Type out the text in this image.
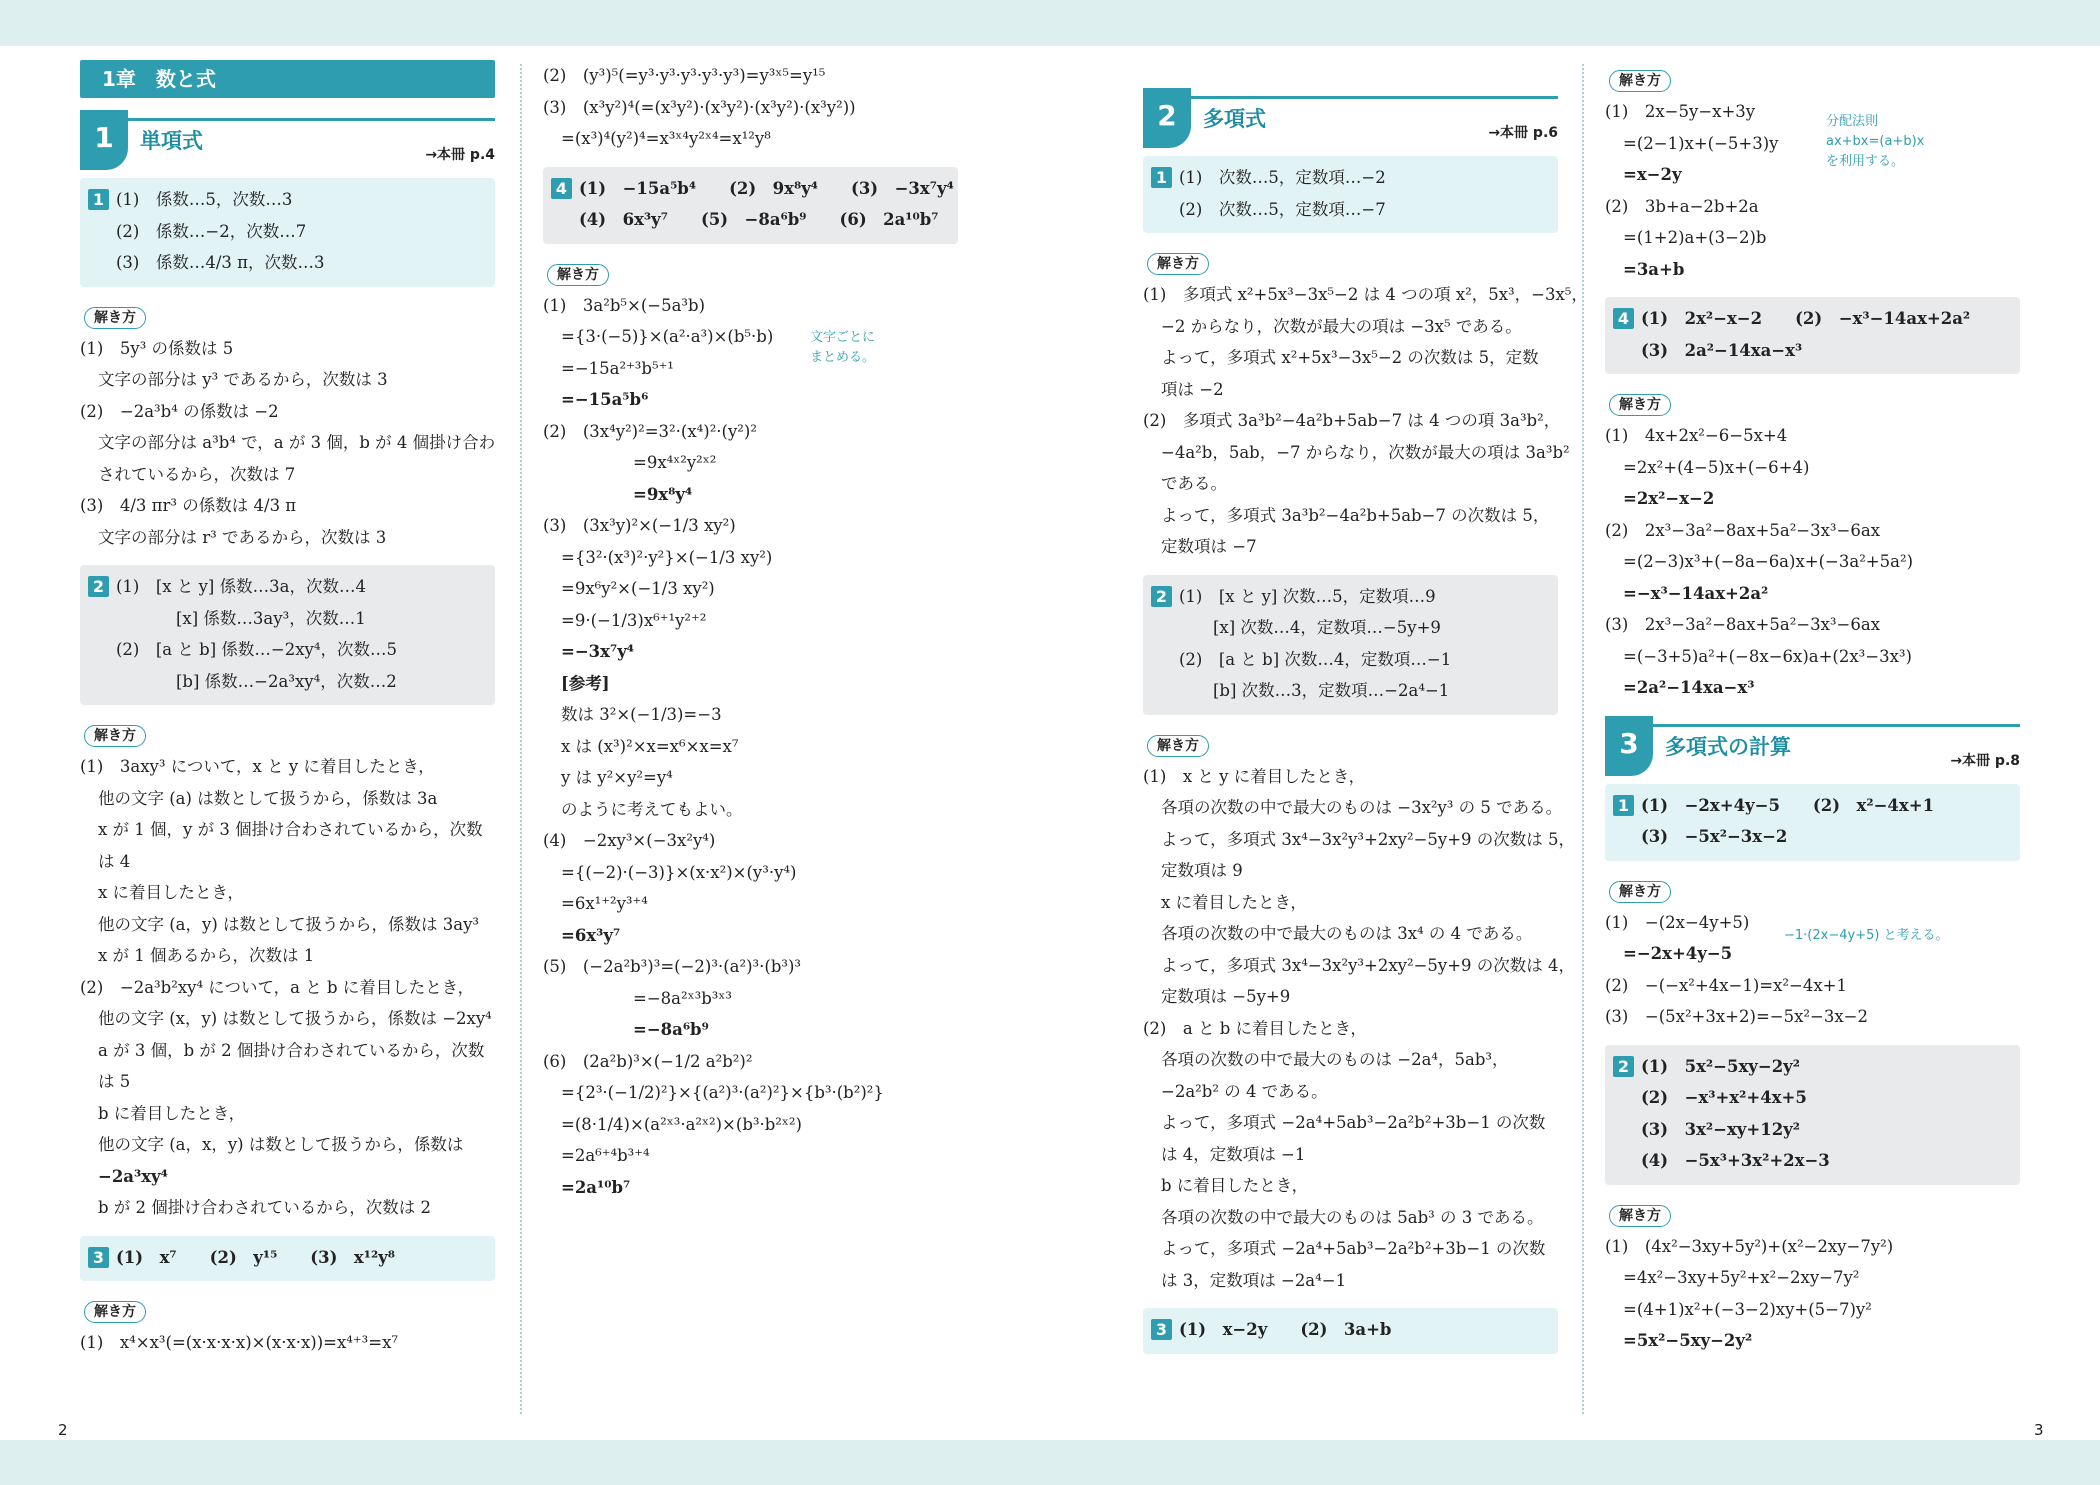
2	3
1章　数と式
1	単項式
→本冊 p.4
1 (1)　係数…5，次数…3
(2)　係数…−2，次数…7
(3)　係数…4/3 π，次数…3
解き方
(1)　5y³ の係数は 5
文字の部分は y³ であるから，次数は 3
(2)　−2a³b⁴ の係数は −2
文字の部分は a³b⁴ で，a が 3 個，b が 4 個掛け合わ
されているから，次数は 7
(3)　4/3 πr³ の係数は 4/3 π
文字の部分は r³ であるから，次数は 3
2 (1)　[x と y] 係数…3a，次数…4
[x] 係数…3ay³，次数…1
(2)　[a と b] 係数…−2xy⁴，次数…5
[b] 係数…−2a³xy⁴，次数…2
解き方
(1)　3axy³ について，x と y に着目したとき，
他の文字 (a) は数として扱うから，係数は 3a
x が 1 個，y が 3 個掛け合わされているから，次数
は 4
x に着目したとき，
他の文字 (a，y) は数として扱うから，係数は 3ay³
x が 1 個あるから，次数は 1
(2)　−2a³b²xy⁴ について，a と b に着目したとき，
他の文字 (x，y) は数として扱うから，係数は −2xy⁴
a が 3 個，b が 2 個掛け合わされているから，次数
は 5
b に着目したとき，
他の文字 (a，x，y) は数として扱うから，係数は
−2a³xy⁴
b が 2 個掛け合わされているから，次数は 2
3 (1)　x⁷　　(2)　y¹⁵　　(3)　x¹²y⁸
解き方
(1)　x⁴×x³(=(x·x·x·x)×(x·x·x))=x⁴⁺³=x⁷
(2)　(y³)⁵(=y³·y³·y³·y³·y³)=y³ˣ⁵=y¹⁵
(3)　(x³y²)⁴(=(x³y²)·(x³y²)·(x³y²)·(x³y²))
=(x³)⁴(y²)⁴=x³ˣ⁴y²ˣ⁴=x¹²y⁸
4 (1)　−15a⁵b⁴　　(2)　9x⁸y⁴　　(3)　−3x⁷y⁴
(4)　6x³y⁷　　(5)　−8a⁶b⁹　　(6)　2a¹⁰b⁷
解き方
(1)　3a²b⁵×(−5a³b)
={3·(−5)}×(a²·a³)×(b⁵·b)
=−15a²⁺³b⁵⁺¹
=−15a⁵b⁶
(2)　(3x⁴y²)²=3²·(x⁴)²·(y²)²
=9x⁴ˣ²y²ˣ²
=9x⁸y⁴
(3)　(3x³y)²×(−1/3 xy²)
={3²·(x³)²·y²}×(−1/3 xy²)
=9x⁶y²×(−1/3 xy²)
=9·(−1/3)x⁶⁺¹y²⁺²
=−3x⁷y⁴
[参考]
数は 3²×(−1/3)=−3
x は (x³)²×x=x⁶×x=x⁷
y は y²×y²=y⁴
のように考えてもよい。
(4)　−2xy³×(−3x²y⁴)
={(−2)·(−3)}×(x·x²)×(y³·y⁴)
=6x¹⁺²y³⁺⁴
=6x³y⁷
(5)　(−2a²b³)³=(−2)³·(a²)³·(b³)³
=−8a²ˣ³b³ˣ³
=−8a⁶b⁹
(6)　(2a²b)³×(−1/2 a²b²)²
={2³·(−1/2)²}×{(a²)³·(a²)²}×{b³·(b²)²}
=(8·1/4)×(a²ˣ³·a²ˣ²)×(b³·b²ˣ²)
=2a⁶⁺⁴b³⁺⁴
=2a¹⁰b⁷
文字ごとに
まとめる。
2	多項式
→本冊 p.6
1 (1)　次数…5，定数項…−2
(2)　次数…5，定数項…−7
解き方
(1)　多項式 x²+5x³−3x⁵−2 は 4 つの項 x²，5x³，−3x⁵，
−2 からなり，次数が最大の項は −3x⁵ である。
よって，多項式 x²+5x³−3x⁵−2 の次数は 5，定数
項は −2
(2)　多項式 3a³b²−4a²b+5ab−7 は 4 つの項 3a³b²，
−4a²b，5ab，−7 からなり，次数が最大の項は 3a³b²
である。
よって，多項式 3a³b²−4a²b+5ab−7 の次数は 5，
定数項は −7
2 (1)　[x と y] 次数…5，定数項…9
[x] 次数…4，定数項…−5y+9
(2)　[a と b] 次数…4，定数項…−1
[b] 次数…3，定数項…−2a⁴−1
解き方
(1)　x と y に着目したとき，
各項の次数の中で最大のものは −3x²y³ の 5 である。
よって，多項式 3x⁴−3x²y³+2xy²−5y+9 の次数は 5，
定数項は 9
x に着目したとき，
各項の次数の中で最大のものは 3x⁴ の 4 である。
よって，多項式 3x⁴−3x²y³+2xy²−5y+9 の次数は 4，
定数項は −5y+9
(2)　a と b に着目したとき，
各項の次数の中で最大のものは −2a⁴，5ab³，
−2a²b² の 4 である。
よって，多項式 −2a⁴+5ab³−2a²b²+3b−1 の次数
は 4，定数項は −1
b に着目したとき，
各項の次数の中で最大のものは 5ab³ の 3 である。
よって，多項式 −2a⁴+5ab³−2a²b²+3b−1 の次数
は 3，定数項は −2a⁴−1
3 (1)　x−2y　　(2)　3a+b
解き方
(1)　2x−5y−x+3y
=(2−1)x+(−5+3)y
=x−2y
(2)　3b+a−2b+2a
=(1+2)a+(3−2)b
=3a+b
4 (1)　2x²−x−2　　(2)　−x³−14ax+2a²
(3)　2a²−14xa−x³
解き方
(1)　4x+2x²−6−5x+4
=2x²+(4−5)x+(−6+4)
=2x²−x−2
(2)　2x³−3a²−8ax+5a²−3x³−6ax
=(2−3)x³+(−8a−6a)x+(−3a²+5a²)
=−x³−14ax+2a²
(3)　2x³−3a²−8ax+5a²−3x³−6ax
=(−3+5)a²+(−8x−6x)a+(2x³−3x³)
=2a²−14xa−x³
3	多項式の計算
→本冊 p.8
1 (1)　−2x+4y−5　　(2)　x²−4x+1
(3)　−5x²−3x−2
解き方
(1)　−(2x−4y+5)
=−2x+4y−5
(2)　−(−x²+4x−1)=x²−4x+1
(3)　−(5x²+3x+2)=−5x²−3x−2
2 (1)　5x²−5xy−2y²
(2)　−x³+x²+4x+5
(3)　3x²−xy+12y²
(4)　−5x³+3x²+2x−3
解き方
(1)　(4x²−3xy+5y²)+(x²−2xy−7y²)
=4x²−3xy+5y²+x²−2xy−7y²
=(4+1)x²+(−3−2)xy+(5−7)y²
=5x²−5xy−2y²
分配法則
ax+bx=(a+b)x
を利用する。
−1·(2x−4y+5) と考える。
